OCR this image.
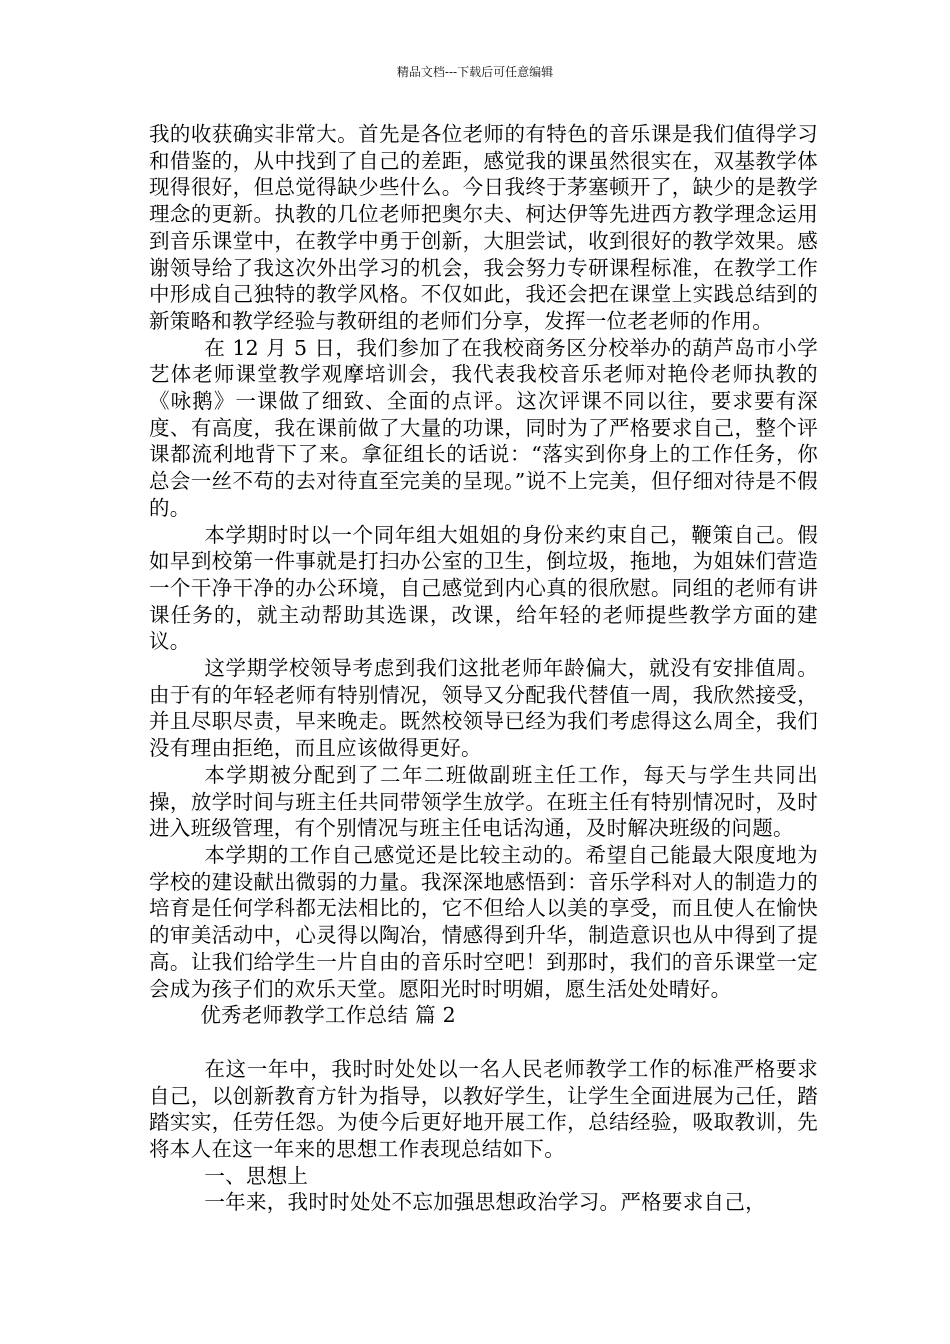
精品文档---下载后可任意编辑

我的收获确实非常大。首先是各位老师的有特色的音乐课是我们值得学习和借鉴的，从中找到了自己的差距，感觉我的课虽然很实在，双基教学体现得很好，但总觉得缺少些什么。今日我终于茅塞顿开了，缺少的是教学理念的更新。执教的几位老师把奥尔夫、柯达伊等先进西方教学理念运用到音乐课堂中，在教学中勇于创新，大胆尝试，收到很好的教学效果。感谢领导给了我这次外出学习的机会，我会努力专研课程标准，在教学工作中形成自己独特的教学风格。不仅如此，我还会把在课堂上实践总结到的新策略和教学经验与教研组的老师们分享，发挥一位老老师的作用。

在 12 月 5 日，我们参加了在我校商务区分校举办的葫芦岛市小学艺体老师课堂教学观摩培训会，我代表我校音乐老师对艳伶老师执教的《咏鹅》一课做了细致、全面的点评。这次评课不同以往，要求要有深度、有高度，我在课前做了大量的功课，同时为了严格要求自己，整个评课都流利地背下了来。拿征组长的话说：“落实到你身上的工作任务，你总会一丝不苟的去对待直至完美的呈现。”说不上完美，但仔细对待是不假的。

本学期时时以一个同年组大姐姐的身份来约束自己，鞭策自己。假如早到校第一件事就是打扫办公室的卫生，倒垃圾，拖地，为姐妹们营造一个干净干净的办公环境，自己感觉到内心真的很欣慰。同组的老师有讲课任务的，就主动帮助其选课，改课，给年轻的老师提些教学方面的建议。

这学期学校领导考虑到我们这批老师年龄偏大，就没有安排值周。由于有的年轻老师有特别情况，领导又分配我代替值一周，我欣然接受，并且尽职尽责，早来晚走。既然校领导已经为我们考虑得这么周全，我们没有理由拒绝，而且应该做得更好。

本学期被分配到了二年二班做副班主任工作，每天与学生共同出操，放学时间与班主任共同带领学生放学。在班主任有特别情况时，及时进入班级管理，有个别情况与班主任电话沟通，及时解决班级的问题。

本学期的工作自己感觉还是比较主动的。希望自己能最大限度地为学校的建设献出微弱的力量。我深深地感悟到：音乐学科对人的制造力的培育是任何学科都无法相比的，它不但给人以美的享受，而且使人在愉快的审美活动中，心灵得以陶冶，情感得到升华，制造意识也从中得到了提高。让我们给学生一片自由的音乐时空吧！到那时，我们的音乐课堂一定会成为孩子们的欢乐天堂。愿阳光时时明媚，愿生活处处晴好。

优秀老师教学工作总结 篇 2

在这一年中，我时时处处以一名人民老师教学工作的标准严格要求自己，以创新教育方针为指导，以教好学生，让学生全面进展为己任，踏踏实实，任劳任怨。为使今后更好地开展工作，总结经验，吸取教训，先将本人在这一年来的思想工作表现总结如下。

一、思想上

一年来，我时时处处不忘加强思想政治学习。严格要求自己，
